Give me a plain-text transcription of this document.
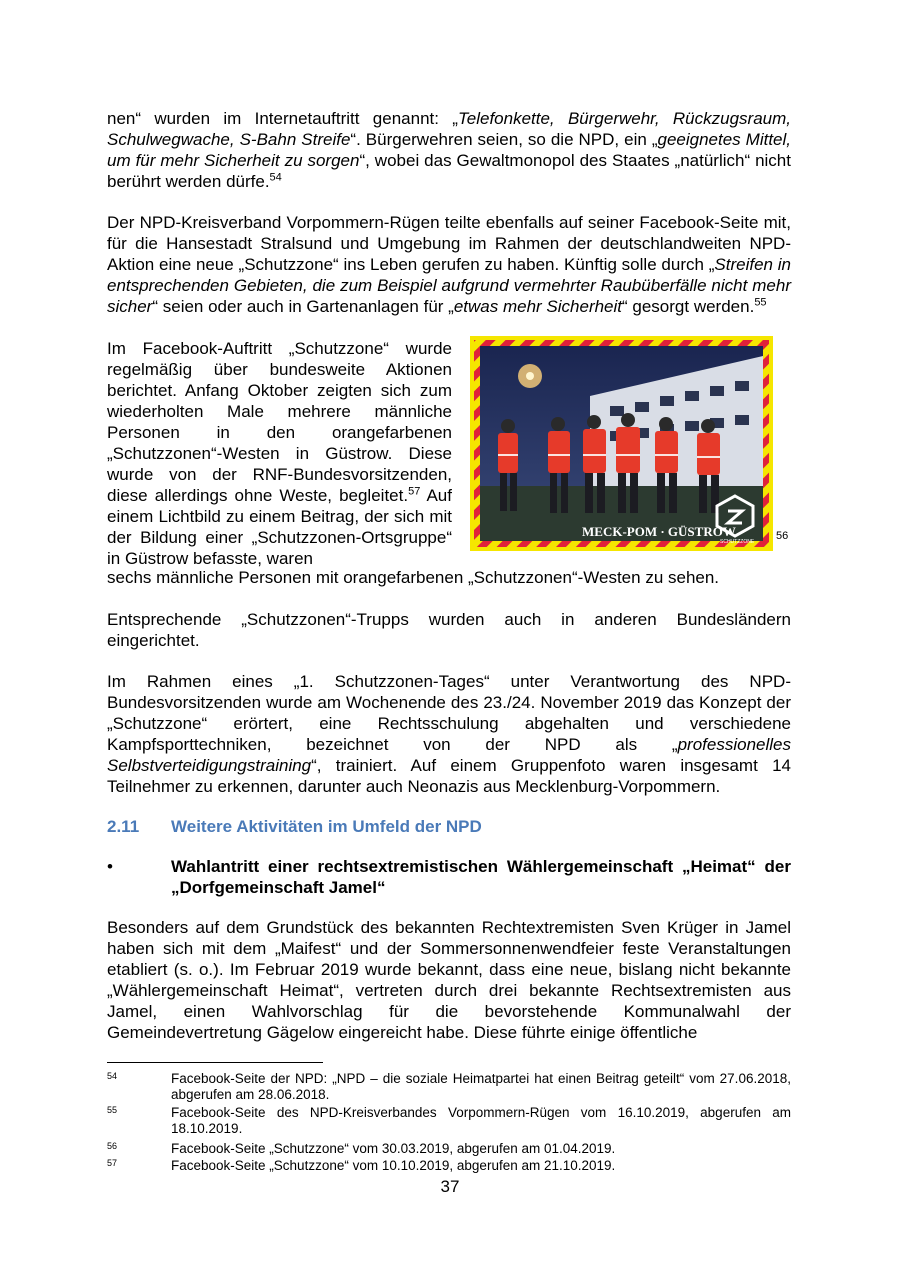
nen“ wurden im Internetauftritt genannt: „Telefonkette, Bürgerwehr, Rückzugsraum, Schulwegwache, S-Bahn Streife“. Bürgerwehren seien, so die NPD, ein „geeignetes Mittel, um für mehr Sicherheit zu sorgen“, wobei das Gewaltmonopol des Staates „natürlich“ nicht berührt werden dürfe.$^{54}$
Der NPD-Kreisverband Vorpommern-Rügen teilte ebenfalls auf seiner Facebook-Seite mit, für die Hansestadt Stralsund und Umgebung im Rahmen der deutschlandweiten NPD-Aktion eine neue „Schutzzone“ ins Leben gerufen zu haben. Künftig solle durch „Streifen in entsprechenden Gebieten, die zum Beispiel aufgrund vermehrter Raubüberfälle nicht mehr sicher“ seien oder auch in Gartenanlagen für „etwas mehr Sicherheit“ gesorgt werden.$^{55}$
Im Facebook-Auftritt „Schutzzone“ wurde regelmäßig über bundesweite Aktionen berichtet. Anfang Oktober zeigten sich zum wiederholten Male mehrere männliche Personen in den orangefarbenen „Schutzzonen“-Westen in Güstrow. Diese wurde von der RNF-Bundesvorsitzenden, diese allerdings ohne Weste, begleitet.$^{57}$ Auf einem Lichtbild zu einem Beitrag, der sich mit der Bildung einer „Schutzzonen-Ortsgruppe“ in Güstrow befasste, waren
sechs männliche Personen mit orangefarbenen „Schutzzonen“-Westen zu sehen.
MECK-POM · GÜSTROW
SCHUTZZONE 56
Entsprechende „Schutzzonen“-Trupps wurden auch in anderen Bundesländern eingerichtet.
Im Rahmen eines „1. Schutzzonen-Tages“ unter Verantwortung des NPD-Bundesvorsitzenden wurde am Wochenende des 23./24. November 2019 das Konzept der „Schutzzone“ erörtert, eine Rechtsschulung abgehalten und verschiedene Kampfsporttechniken, bezeichnet von der NPD als „professionelles Selbstverteidigungstraining“, trainiert. Auf einem Gruppenfoto waren insgesamt 14 Teilnehmer zu erkennen, darunter auch Neonazis aus Mecklenburg-Vorpommern.
2.11 Weitere Aktivitäten im Umfeld der NPD
•	Wahlantritt einer rechtsextremistischen Wählergemeinschaft „Heimat“ der „Dorfgemeinschaft Jamel“
Besonders auf dem Grundstück des bekannten Rechtextremisten Sven Krüger in Jamel haben sich mit dem „Maifest“ und der Sommersonnenwendfeier feste Veranstaltungen etabliert (s. o.). Im Februar 2019 wurde bekannt, dass eine neue, bislang nicht bekannte „Wählergemeinschaft Heimat“, vertreten durch drei bekannte Rechtsextremisten aus Jamel, einen Wahlvorschlag für die bevorstehende Kommunalwahl der Gemeindevertretung Gägelow eingereicht habe. Diese führte einige öffentliche
54	Facebook-Seite der NPD: „NPD – die soziale Heimatpartei hat einen Beitrag geteilt“ vom 27.06.2018, abgerufen am 28.06.2018.
55	Facebook-Seite des NPD-Kreisverbandes Vorpommern-Rügen vom 16.10.2019, abgerufen am 18.10.2019.
56	Facebook-Seite „Schutzzone“ vom 30.03.2019, abgerufen am 01.04.2019.
57	Facebook-Seite „Schutzzone“ vom 10.10.2019, abgerufen am 21.10.2019.
37
